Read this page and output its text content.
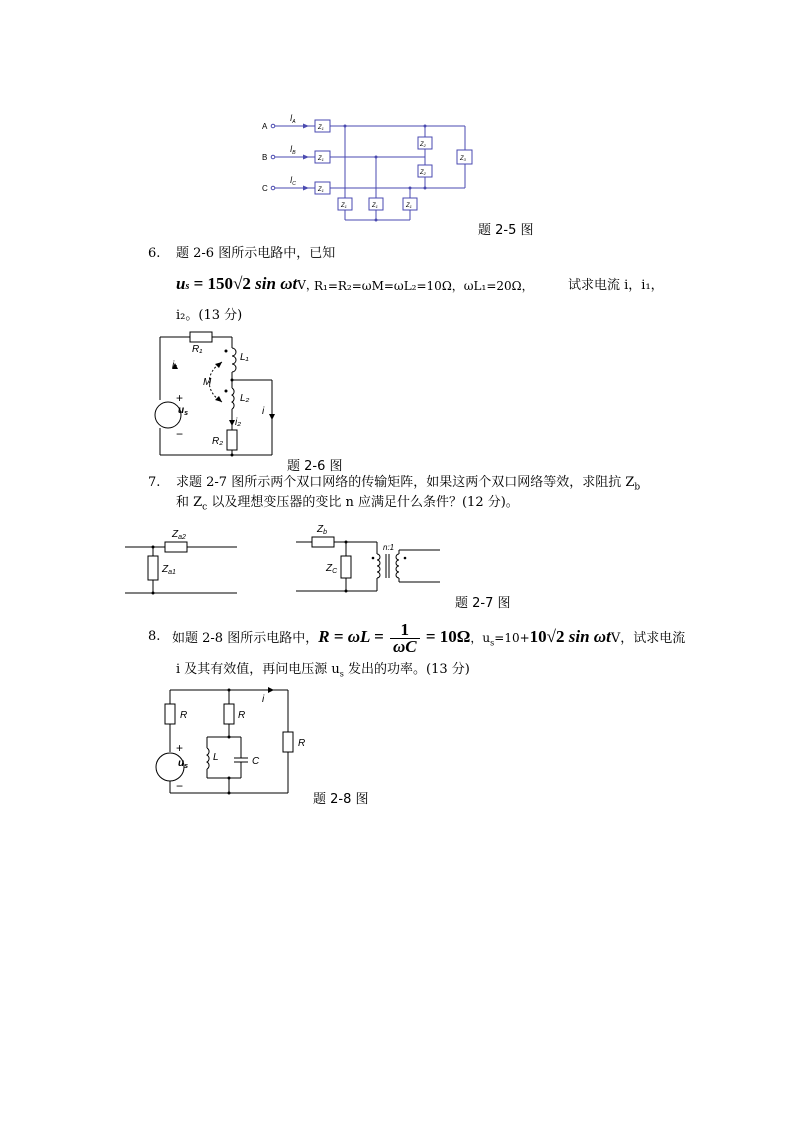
A
B
C
$İ_A$
$İ_B$
$İ_C$
Z1
Z1
Z1
Z2
Z2
Z3
Z1	Z1	Z1
题 2-5 图
6. 题 2-6 图所示电路中，已知
us = 150√2 sin ωtV，
R₁=R₂=ωM=ωL₂=10Ω，ωL₁=20Ω，	试求电流 i，i₁，
i₂。(13 分)
R₁
L₁
M
L₂
i
i₁
i₂
R₂
$u_s$
+
−
题 2-6 图
7. 求题 2-7 图所示两个双口网络的传输矩阵，如果这两个双口网络等效，求阻抗 $Z_b$
和 $Z_c$ 以及理想变压器的变比 n 应满足什么条件？(12 分)。
$Z_{a2}$
$Z_{a1}$
$Z_b$
$Z_C$
n:1
题 2-7 图
8. 如题 2-8 图所示电路中，$R = \omega L = \frac{1}{\omega C} = 10\Omega$，$u_s=10+10√2$ sin ωtV，试求电流
i 及其有效值，再问电压源 $u_s$ 发出的功率。(13 分)
R	R
R
L	C
i
$u_s$
+
−
题 2-8 图
